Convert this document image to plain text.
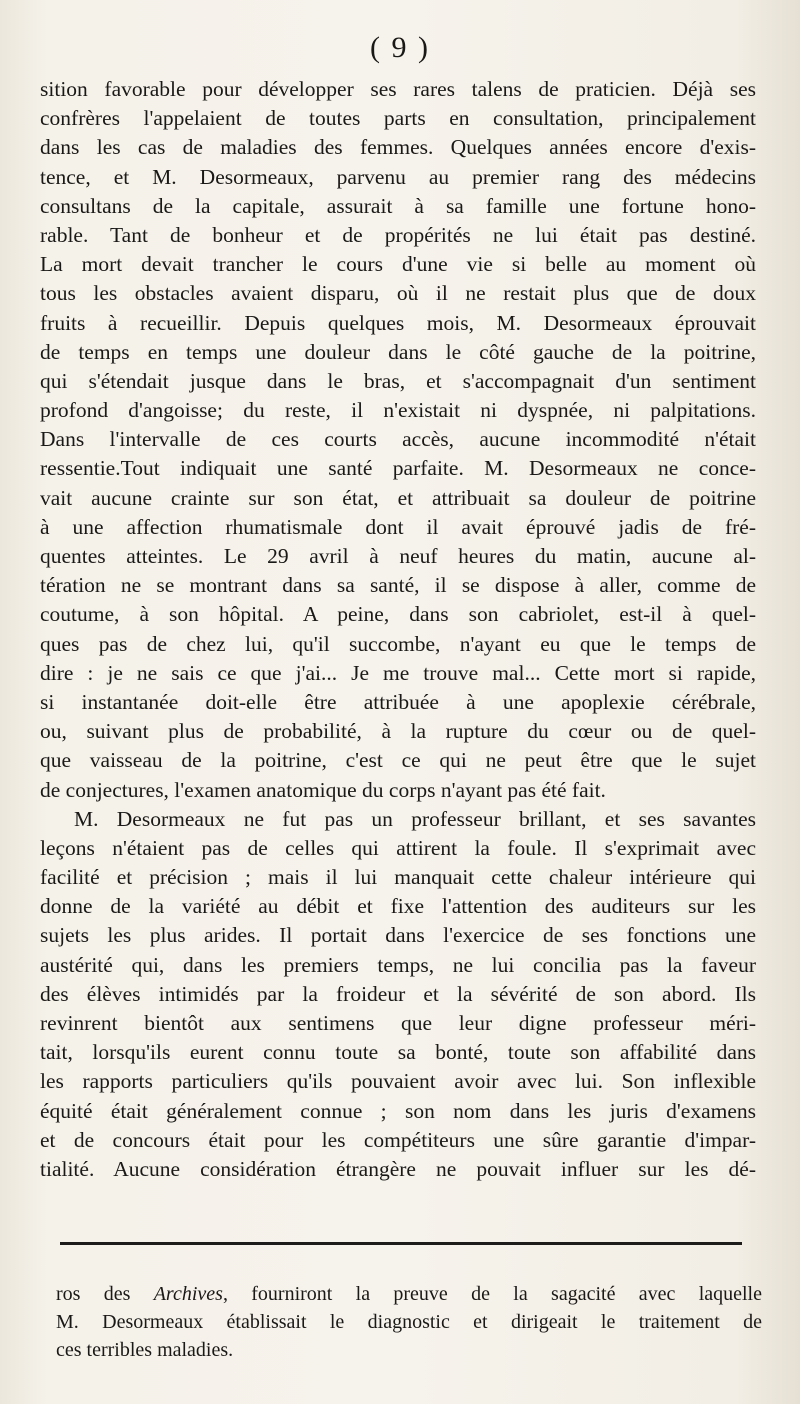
( 9 )
sition favorable pour développer ses rares talens de praticien. Déjà ses
confrères l'appelaient de toutes parts en consultation, principalement
dans les cas de maladies des femmes. Quelques années encore d'exis-
tence, et M. Desormeaux, parvenu au premier rang des médecins
consultans de la capitale, assurait à sa famille une fortune hono-
rable. Tant de bonheur et de propérités ne lui était pas destiné.
La mort devait trancher le cours d'une vie si belle au moment où
tous les obstacles avaient disparu, où il ne restait plus que de doux
fruits à recueillir. Depuis quelques mois, M. Desormeaux éprouvait
de temps en temps une douleur dans le côté gauche de la poitrine,
qui s'étendait jusque dans le bras, et s'accompagnait d'un sentiment
profond d'angoisse; du reste, il n'existait ni dyspnée, ni palpitations.
Dans l'intervalle de ces courts accès, aucune incommodité n'était
ressentie.Tout indiquait une santé parfaite. M. Desormeaux ne conce-
vait aucune crainte sur son état, et attribuait sa douleur de poitrine
à une affection rhumatismale dont il avait éprouvé jadis de fré-
quentes atteintes. Le 29 avril à neuf heures du matin, aucune al-
tération ne se montrant dans sa santé, il se dispose à aller, comme de
coutume, à son hôpital. A peine, dans son cabriolet, est-il à quel-
ques pas de chez lui, qu'il succombe, n'ayant eu que le temps de
dire : je ne sais ce que j'ai... Je me trouve mal... Cette mort si rapide,
si instantanée doit-elle être attribuée à une apoplexie cérébrale,
ou, suivant plus de probabilité, à la rupture du cœur ou de quel-
que vaisseau de la poitrine, c'est ce qui ne peut être que le sujet
de conjectures, l'examen anatomique du corps n'ayant pas été fait.
M. Desormeaux ne fut pas un professeur brillant, et ses savantes
leçons n'étaient pas de celles qui attirent la foule. Il s'exprimait avec
facilité et précision ; mais il lui manquait cette chaleur intérieure qui
donne de la variété au débit et fixe l'attention des auditeurs sur les
sujets les plus arides. Il portait dans l'exercice de ses fonctions une
austérité qui, dans les premiers temps, ne lui concilia pas la faveur
des élèves intimidés par la froideur et la sévérité de son abord. Ils
revinrent bientôt aux sentimens que leur digne professeur méri-
tait, lorsqu'ils eurent connu toute sa bonté, toute son affabilité dans
les rapports particuliers qu'ils pouvaient avoir avec lui. Son inflexible
équité était généralement connue ; son nom dans les juris d'examens
et de concours était pour les compétiteurs une sûre garantie d'impar-
tialité. Aucune considération étrangère ne pouvait influer sur les dé-
ros des Archives, fourniront la preuve de la sagacité avec laquelle
M. Desormeaux établissait le diagnostic et dirigeait le traitement de
ces terribles maladies.
